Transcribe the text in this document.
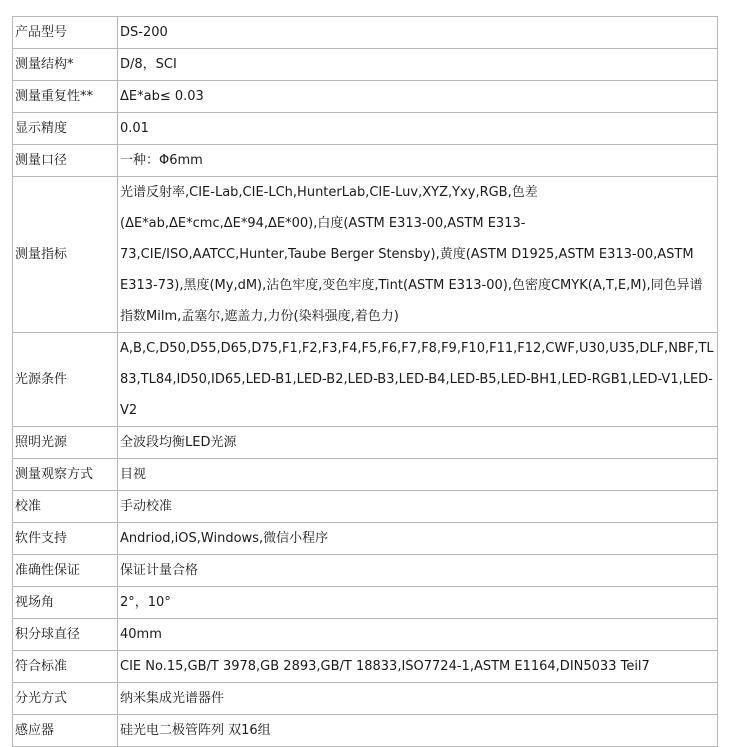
产品型号	DS-200
测量结构*	D/8，SCI
测量重复性**	ΔE*ab≤ 0.03
显示精度	0.01
测量口径	一种：Φ6mm
测量指标	光谱反射率,CIE-Lab,CIE-LCh,HunterLab,CIE-Luv,XYZ,Yxy,RGB,色差(ΔE*ab,ΔE*cmc,ΔE*94,ΔE*00),白度(ASTM E313-00,ASTM E313-73,CIE/ISO,AATCC,Hunter,Taube Berger Stensby),黄度(ASTM D1925,ASTM E313-00,ASTM E313-73),黑度(My,dM),沾色牢度,变色牢度,Tint(ASTM E313-00),色密度CMYK(A,T,E,M),同色异谱指数Milm,孟塞尔,遮盖力,力份(染料强度,着色力)
光源条件	A,B,C,D50,D55,D65,D75,F1,F2,F3,F4,F5,F6,F7,F8,F9,F10,F11,F12,CWF,U30,U35,DLF,NBF,TL83,TL84,ID50,ID65,LED-B1,LED-B2,LED-B3,LED-B4,LED-B5,LED-BH1,LED-RGB1,LED-V1,LED-V2
照明光源	全波段均衡LED光源
测量观察方式	目视
校准	手动校准
软件支持	Andriod,iOS,Windows,微信小程序
准确性保证	保证计量合格
视场角	2°，10°
积分球直径	40mm
符合标准	CIE No.15,GB/T 3978,GB 2893,GB/T 18833,ISO7724-1,ASTM E1164,DIN5033 Teil7
分光方式	纳米集成光谱器件
感应器	硅光电二极管阵列 双16组
